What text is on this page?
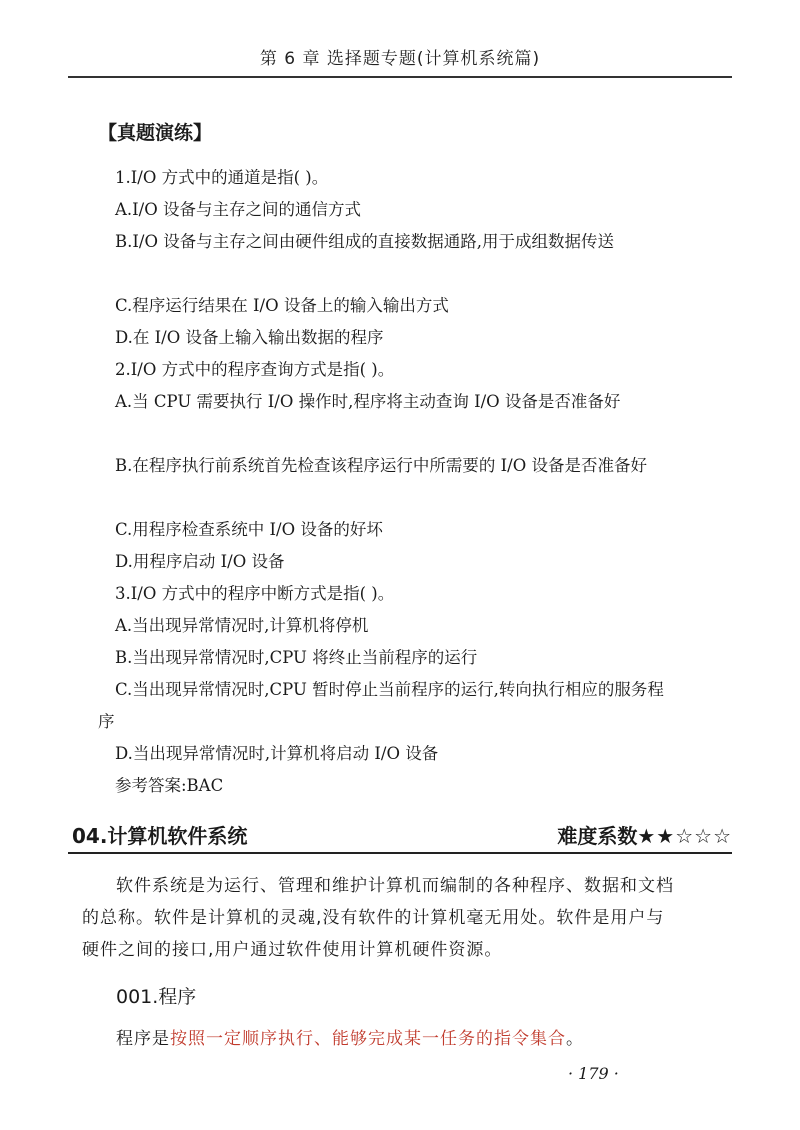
第 6 章 选择题专题(计算机系统篇)
【真题演练】
1.I/O 方式中的通道是指( )。
A.I/O 设备与主存之间的通信方式
B.I/O 设备与主存之间由硬件组成的直接数据通路,用于成组数据传送
C.程序运行结果在 I/O 设备上的输入输出方式
D.在 I/O 设备上输入输出数据的程序
2.I/O 方式中的程序查询方式是指( )。
A.当 CPU 需要执行 I/O 操作时,程序将主动查询 I/O 设备是否准备好
B.在程序执行前系统首先检查该程序运行中所需要的 I/O 设备是否准备好
C.用程序检查系统中 I/O 设备的好坏
D.用程序启动 I/O 设备
3.I/O 方式中的程序中断方式是指( )。
A.当出现异常情况时,计算机将停机
B.当出现异常情况时,CPU 将终止当前程序的运行
C.当出现异常情况时,CPU 暂时停止当前程序的运行,转向执行相应的服务程序
D.当出现异常情况时,计算机将启动 I/O 设备
参考答案:BAC
04.计算机软件系统	难度系数★★☆☆☆

软件系统是为运行、管理和维护计算机而编制的各种程序、数据和文档的总称。软件是计算机的灵魂,没有软件的计算机毫无用处。软件是用户与硬件之间的接口,用户通过软件使用计算机硬件资源。

001.程序
程序是按照一定顺序执行、能够完成某一任务的指令集合。
· 179 ·
